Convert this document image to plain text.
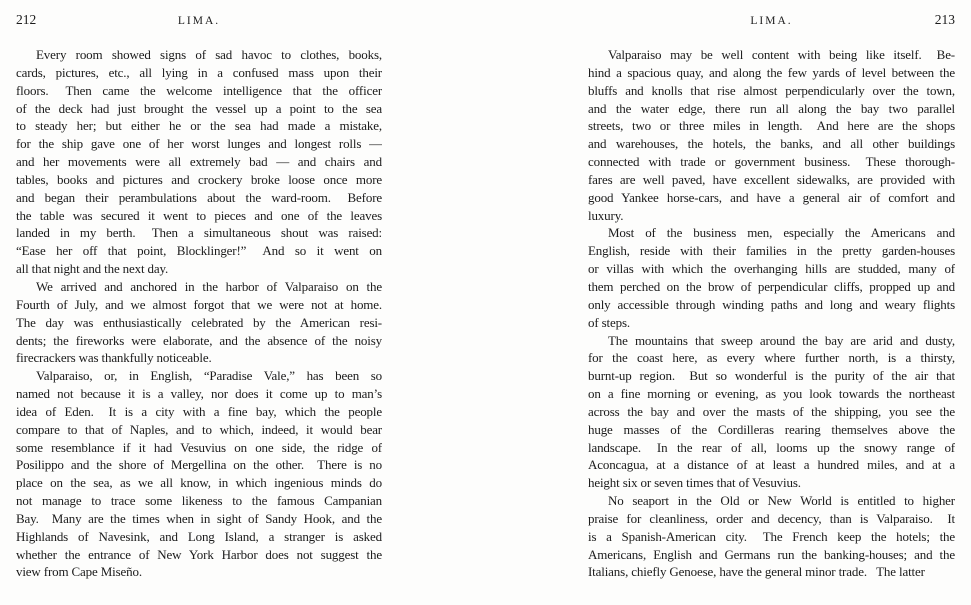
212	LIMA.

Every room showed signs of sad havoc to clothes, books,
cards, pictures, etc., all lying in a confused mass upon their
floors.  Then came the welcome intelligence that the officer
of the deck had just brought the vessel up a point to the sea
to steady her; but either he or the sea had made a mistake,
for the ship gave one of her worst lunges and longest rolls —
and her movements were all extremely bad — and chairs and
tables, books and pictures and crockery broke loose once more
and began their perambulations about the ward-room.  Before
the table was secured it went to pieces and one of the leaves
landed in my berth.  Then a simultaneous shout was raised:
“Ease her off that point, Blocklinger!”  And so it went on
all that night and the next day.

We arrived and anchored in the harbor of Valparaiso on the
Fourth of July, and we almost forgot that we were not at home.
The day was enthusiastically celebrated by the American resi-
dents; the fireworks were elaborate, and the absence of the noisy
firecrackers was thankfully noticeable.

Valparaiso, or, in English, “Paradise Vale,” has been so
named not because it is a valley, nor does it come up to man’s
idea of Eden.  It is a city with a fine bay, which the people
compare to that of Naples, and to which, indeed, it would bear
some resemblance if it had Vesuvius on one side, the ridge of
Posilippo and the shore of Mergellina on the other.  There is no
place on the sea, as we all know, in which ingenious minds do
not manage to trace some likeness to the famous Campanian
Bay.  Many are the times when in sight of Sandy Hook, and the
Highlands of Navesink, and Long Island, a stranger is asked
whether the entrance of New York Harbor does not suggest the
view from Cape Miseño.

LIMA.	213

Valparaiso may be well content with being like itself.  Be-
hind a spacious quay, and along the few yards of level between the
bluffs and knolls that rise almost perpendicularly over the town,
and the water edge, there run all along the bay two parallel
streets, two or three miles in length.  And here are the shops
and warehouses, the hotels, the banks, and all other buildings
connected with trade or government business.  These thorough-
fares are well paved, have excellent sidewalks, are provided with
good Yankee horse-cars, and have a general air of comfort and
luxury.

Most of the business men, especially the Americans and
English, reside with their families in the pretty garden-houses
or villas with which the overhanging hills are studded, many of
them perched on the brow of perpendicular cliffs, propped up and
only accessible through winding paths and long and weary flights
of steps.

The mountains that sweep around the bay are arid and dusty,
for the coast here, as every where further north, is a thirsty,
burnt-up region.  But so wonderful is the purity of the air that
on a fine morning or evening, as you look towards the northeast
across the bay and over the masts of the shipping, you see the
huge masses of the Cordilleras rearing themselves above the
landscape.  In the rear of all, looms up the snowy range of
Aconcagua, at a distance of at least a hundred miles, and at a
height six or seven times that of Vesuvius.

No seaport in the Old or New World is entitled to higher
praise for cleanliness, order and decency, than is Valparaiso.  It
is a Spanish-American city.  The French keep the hotels; the
Americans, English and Germans run the banking-houses; and the
Italians, chiefly Genoese, have the general minor trade.  The latter
